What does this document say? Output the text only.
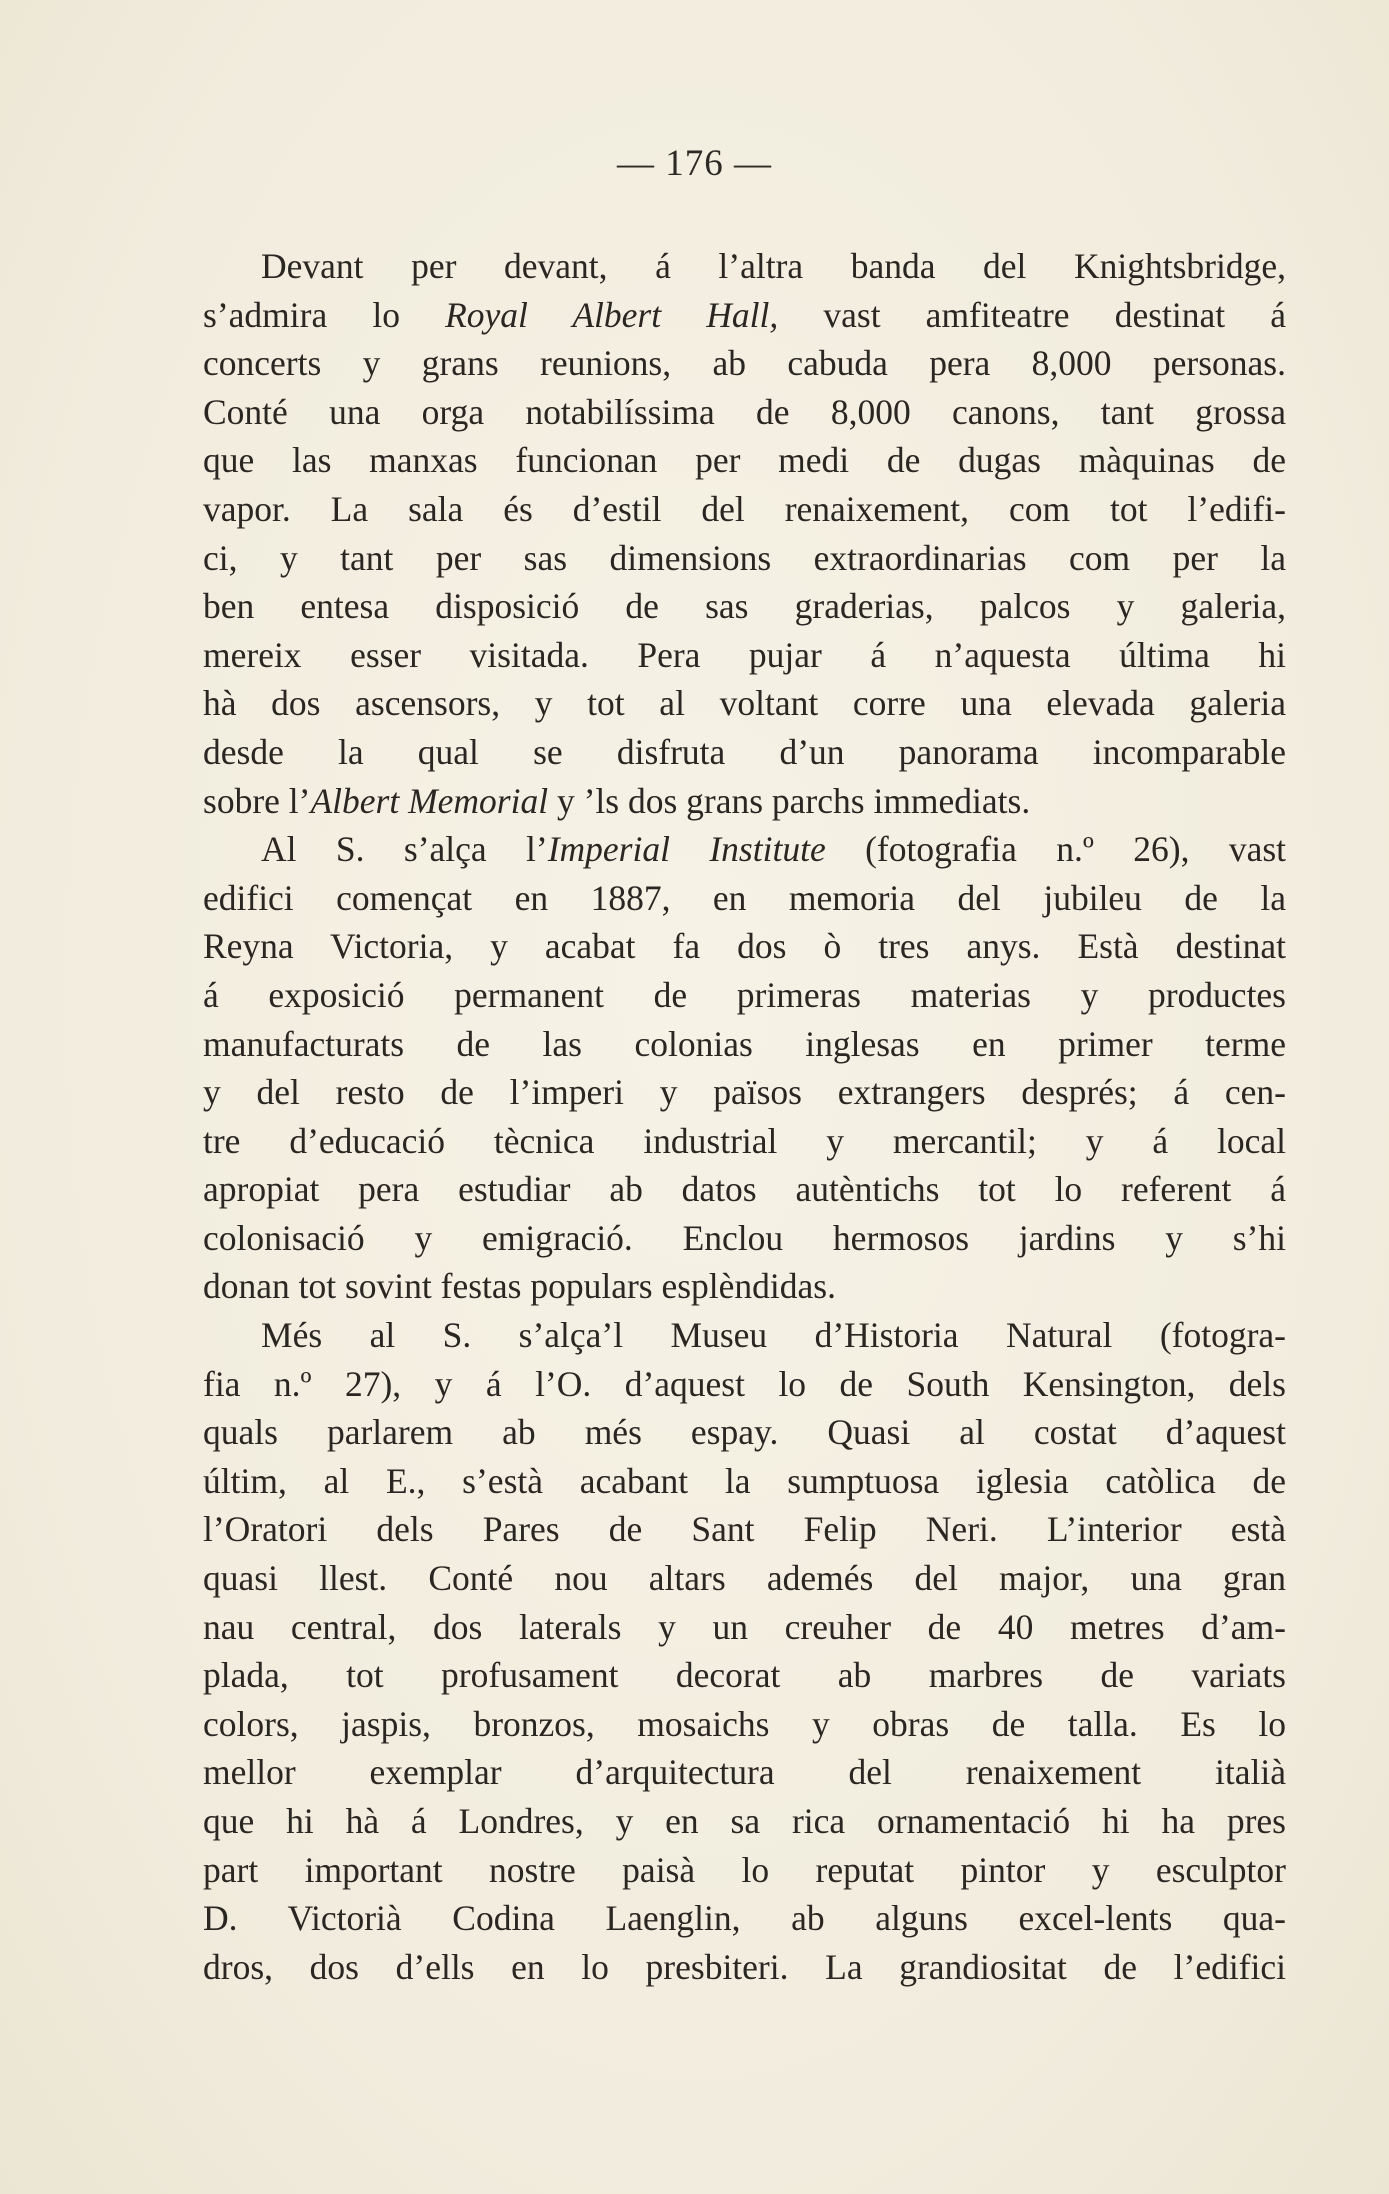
— 176 —
Devant per devant, á l’altra banda del Knightsbridge,
s’admira lo Royal Albert Hall, vast amfiteatre destinat á
concerts y grans reunions, ab cabuda pera 8,000 personas.
Conté una orga notabilíssima de 8,000 canons, tant grossa
que las manxas funcionan per medi de dugas màquinas de
vapor. La sala és d’estil del renaixement, com tot l’edifi-
ci, y tant per sas dimensions extraordinarias com per la
ben entesa disposició de sas graderias, palcos y galeria,
mereix esser visitada. Pera pujar á n’aquesta última hi
hà dos ascensors, y tot al voltant corre una elevada galeria
desde la qual se disfruta d’un panorama incomparable
sobre l’Albert Memorial y ’ls dos grans parchs immediats.
Al S. s’alça l’Imperial Institute (fotografia n.º 26), vast
edifici començat en 1887, en memoria del jubileu de la
Reyna Victoria, y acabat fa dos ò tres anys. Està destinat
á exposició permanent de primeras materias y productes
manufacturats de las colonias inglesas en primer terme
y del resto de l’imperi y països extrangers després; á cen-
tre d’educació tècnica industrial y mercantil; y á local
apropiat pera estudiar ab datos autèntichs tot lo referent á
colonisació y emigració. Enclou hermosos jardins y s’hi
donan tot sovint festas populars esplèndidas.
Més al S. s’alça’l Museu d’Historia Natural (fotogra-
fia n.º 27), y á l’O. d’aquest lo de South Kensington, dels
quals parlarem ab més espay. Quasi al costat d’aquest
últim, al E., s’està acabant la sumptuosa iglesia catòlica de
l’Oratori dels Pares de Sant Felip Neri. L’interior està
quasi llest. Conté nou altars ademés del major, una gran
nau central, dos laterals y un creuher de 40 metres d’am-
plada, tot profusament decorat ab marbres de variats
colors, jaspis, bronzos, mosaichs y obras de talla. Es lo
mellor exemplar d’arquitectura del renaixement italià
que hi hà á Londres, y en sa rica ornamentació hi ha pres
part important nostre paisà lo reputat pintor y esculptor
D. Victorià Codina Laenglin, ab alguns excel-lents qua-
dros, dos d’ells en lo presbiteri. La grandiositat de l’edifici
